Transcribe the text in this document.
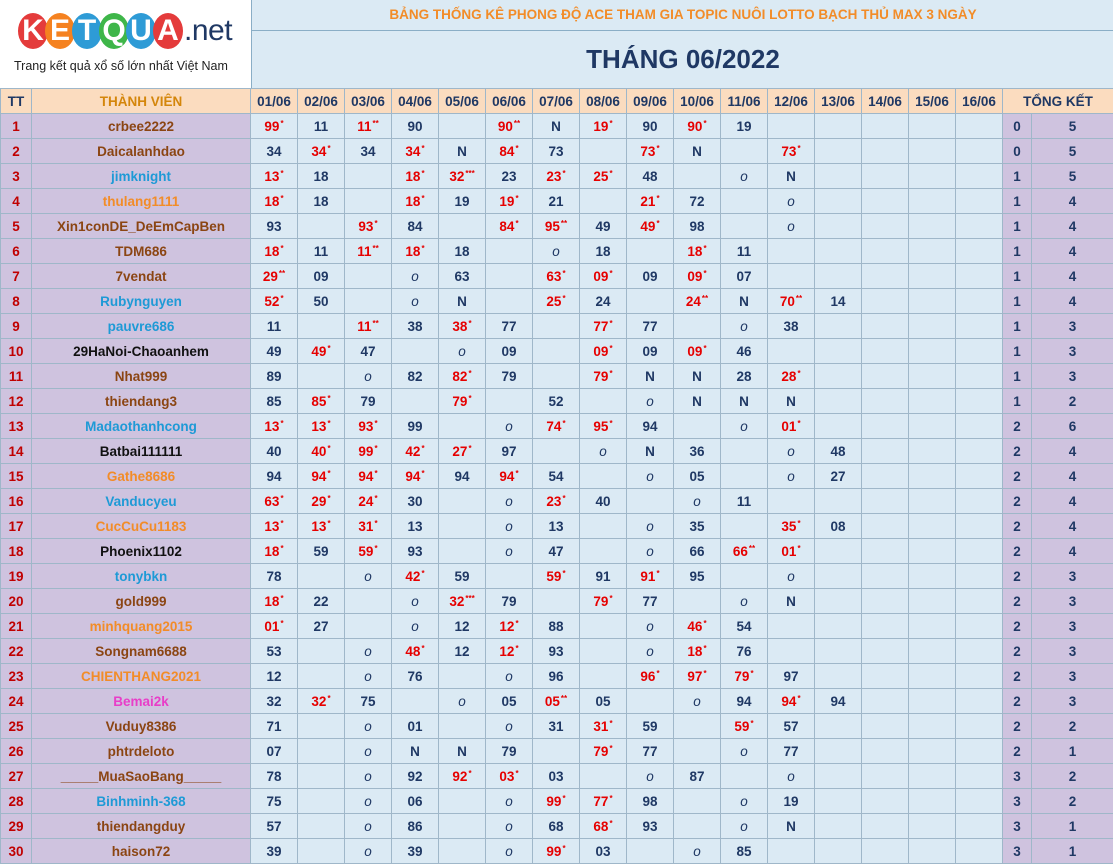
K E T Q U A .net
Trang kết quả xổ số lớn nhất Việt Nam
BẢNG THỐNG KÊ PHONG ĐỘ ACE THAM GIA TOPIC NUÔI LOTTO BẠCH THỦ MAX 3 NGÀY
THÁNG 06/2022
TT	THÀNH VIÊN	01/06	02/06	03/06	04/06	05/06	06/06	07/06	08/06	09/06	10/06	11/06	12/06	13/06	14/06	15/06	16/06	TỔNG KẾT	
1	crbee2222	99*	11	11**	90		90**	N	19*	90	90*	19						0	5
2	Daicalanhdao	34	34*	34	34*	N	84*	73		73*	N		73*					0	5
3	jimknight	13*	18		18*	32***	23	23*	25*	48		o	N					1	5
4	thulang1111	18*	18		18*	19	19*	21		21*	72		o					1	4
5	Xin1conDE_DeEmCapBen	93		93*	84		84*	95**	49	49*	98		o					1	4
6	TDM686	18*	11	11**	18*	18		o	18		18*	11						1	4
7	7vendat	29**	09		o	63		63*	09*	09	09*	07						1	4
8	Rubynguyen	52*	50		o	N		25*	24		24**	N	70**	14				1	4
9	pauvre686	11		11**	38	38*	77		77*	77		o	38					1	3
10	29HaNoi-Chaoanhem	49	49*	47		o	09		09*	09	09*	46						1	3
11	Nhat999	89		o	82	82*	79		79*	N	N	28	28*					1	3
12	thiendang3	85	85*	79		79*		52		o	N	N	N					1	2
13	Madaothanhcong	13*	13*	93*	99		o	74*	95*	94		o	01*					2	6
14	Batbai111111	40	40*	99*	42*	27*	97		o	N	36		o	48				2	4
15	Gathe8686	94	94*	94*	94*	94	94*	54		o	05		o	27				2	4
16	Vanducyeu	63*	29*	24*	30		o	23*	40		o	11						2	4
17	CucCuCu1183	13*	13*	31*	13		o	13		o	35		35*	08				2	4
18	Phoenix1102	18*	59	59*	93		o	47		o	66	66**	01*					2	4
19	tonybkn	78		o	42*	59		59*	91	91*	95		o					2	3
20	gold999	18*	22		o	32***	79		79*	77		o	N					2	3
21	minhquang2015	01*	27		o	12	12*	88		o	46*	54						2	3
22	Songnam6688	53		o	48*	12	12*	93		o	18*	76						2	3
23	CHIENTHANG2021	12		o	76		o	96		96*	97*	79*	97					2	3
24	Bemai2k	32	32*	75		o	05	05**	05		o	94	94*	94				2	3
25	Vuduy8386	71		o	01		o	31	31*	59		59*	57					2	2
26	phtrdeloto	07		o	N	N	79		79*	77		o	77					2	1
27	_____MuaSaoBang_____	78		o	92	92*	03*	03		o	87		o					3	2
28	Binhminh-368	75		o	06		o	99*	77*	98		o	19					3	2
29	thiendangduy	57		o	86		o	68	68*	93		o	N					3	1
30	haison72	39		o	39		o	99*	03		o	85						3	1
